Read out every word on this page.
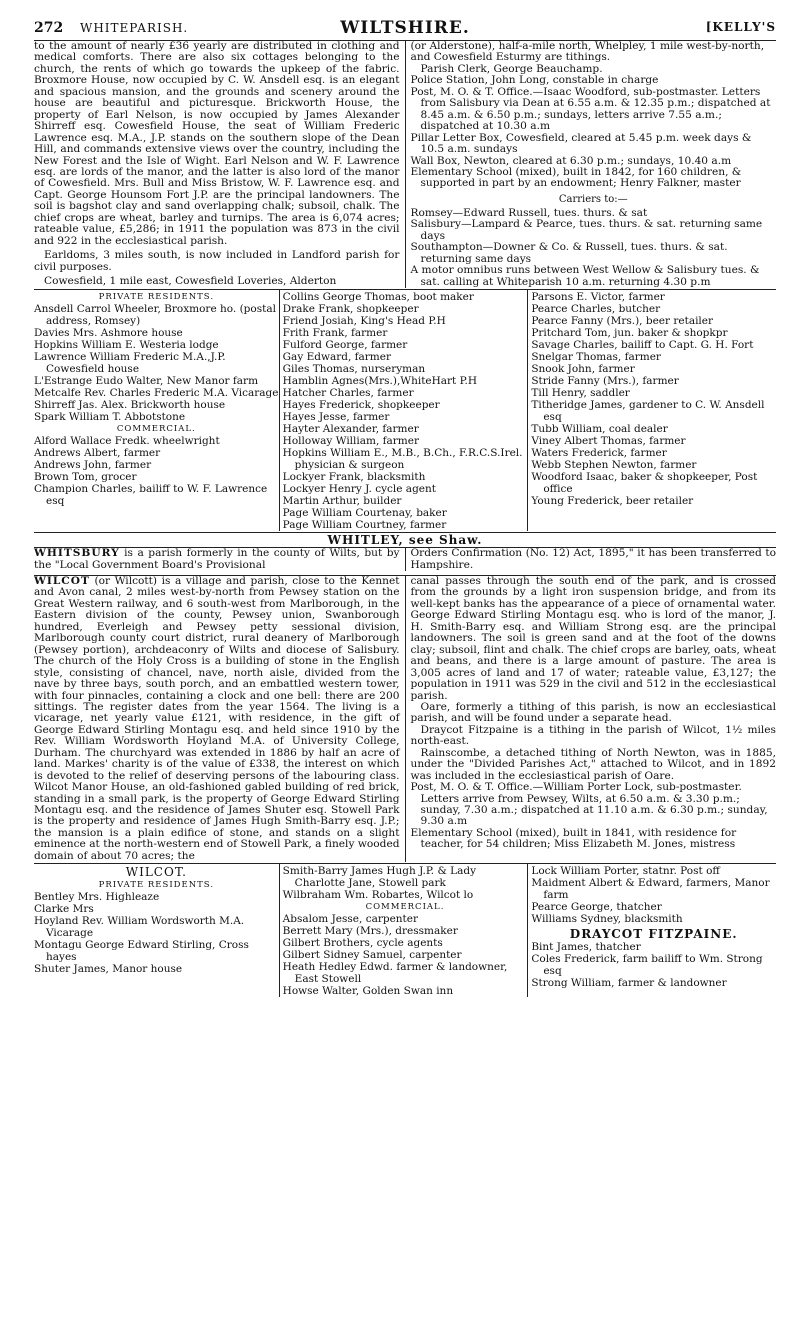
272 WHITEPARISH.	WILTSHIRE.	[KELLY'S

to the amount of nearly £36 yearly are distributed in clothing and medical comforts. There are also six cottages belonging to the church, the rents of which go towards the upkeep of the fabric. Broxmore House, now occupied by C. W. Ansdell esq. is an elegant and spacious mansion, and the grounds and scenery around the house are beautiful and picturesque. Brickworth House, the property of Earl Nelson, is now occupied by James Alexander Shirreff esq. Cowesfield House, the seat of William Frederic Lawrence esq. M.A., J.P. stands on the southern slope of the Dean Hill, and commands extensive views over the country, including the New Forest and the Isle of Wight. Earl Nelson and W. F. Lawrence esq. are lords of the manor, and the latter is also lord of the manor of Cowesfield. Mrs. Bull and Miss Bristow, W. F. Lawrence esq. and Capt. George Hounsom Fort J.P. are the principal landowners. The soil is bagshot clay and sand overlapping chalk; subsoil, chalk. The chief crops are wheat, barley and turnips. The area is 6,074 acres; rateable value, £5,286; in 1911 the population was 873 in the civil and 922 in the ecclesiastical parish.

Earldoms, 3 miles south, is now included in Landford parish for civil purposes.

Cowesfield, 1 mile east, Cowesfield Loveries, Alderton

(or Alderstone), half-a-mile north, Whelpley, 1 mile west-by-north, and Cowesfield Esturmy are tithings.

Parish Clerk, George Beauchamp.

Police Station, John Long, constable in charge

Post, M. O. & T. Office.—Isaac Woodford, sub-postmaster. Letters from Salisbury via Dean at 6.55 a.m. & 12.35 p.m.; dispatched at 8.45 a.m. & 6.50 p.m.; sundays, letters arrive 7.55 a.m.; dispatched at 10.30 a.m

Pillar Letter Box, Cowesfield, cleared at 5.45 p.m. week days & 10.5 a.m. sundays

Wall Box, Newton, cleared at 6.30 p.m.; sundays, 10.40 a.m

Elementary School (mixed), built in 1842, for 160 children, & supported in part by an endowment; Henry Falkner, master

Carriers to:—

Romsey—Edward Russell, tues. thurs. & sat

Salisbury—Lampard & Pearce, tues. thurs. & sat. returning same days

Southampton—Downer & Co. & Russell, tues. thurs. & sat. returning same days

A motor omnibus runs between West Wellow & Salisbury tues. & sat. calling at Whiteparish 10 a.m. returning 4.30 p.m

PRIVATE RESIDENTS.
Ansdell Carrol Wheeler, Broxmore ho. (postal address, Romsey)
Davies Mrs. Ashmore house
Hopkins William E. Westeria lodge
Lawrence William Frederic M.A.,J.P. Cowesfield house
L'Estrange Eudo Walter, New Manor farm
Metcalfe Rev. Charles Frederic M.A. Vicarage
Shirreff Jas. Alex. Brickworth house
Spark William T. Abbotstone
COMMERCIAL.
Alford Wallace Fredk. wheelwright
Andrews Albert, farmer
Andrews John, farmer
Brown Tom, grocer
Champion Charles, bailiff to W. F. Lawrence esq
Collins George Thomas, boot maker
Drake Frank, shopkeeper
Friend Josiah, King's Head P.H
Frith Frank, farmer
Fulford George, farmer
Gay Edward, farmer
Giles Thomas, nurseryman
Hamblin Agnes(Mrs.),WhiteHart P.H
Hatcher Charles, farmer
Hayes Frederick, shopkeeper
Hayes Jesse, farmer
Hayter Alexander, farmer
Holloway William, farmer
Hopkins William E., M.B., B.Ch., F.R.C.S.Irel. physician & surgeon
Lockyer Frank, blacksmith
Lockyer Henry J. cycle agent
Martin Arthur, builder
Page William Courtenay, baker
Page William Courtney, farmer
Parsons E. Victor, farmer
Pearce Charles, butcher
Pearce Fanny (Mrs.), beer retailer
Pritchard Tom, jun. baker & shopkpr
Savage Charles, bailiff to Capt. G. H. Fort
Snelgar Thomas, farmer
Snook John, farmer
Stride Fanny (Mrs.), farmer
Till Henry, saddler
Titheridge James, gardener to C. W. Ansdell esq
Tubb William, coal dealer
Viney Albert Thomas, farmer
Waters Frederick, farmer
Webb Stephen Newton, farmer
Woodford Isaac, baker & shopkeeper, Post office
Young Frederick, beer retailer
WHITLEY, see Shaw.

WHITSBURY is a parish formerly in the county of Wilts, but by the "Local Government Board's Provisional

Orders Confirmation (No. 12) Act, 1895," it has been transferred to Hampshire.

WILCOT (or Wilcott) is a village and parish, close to the Kennet and Avon canal, 2 miles west-by-north from Pewsey station on the Great Western railway, and 6 south-west from Marlborough, in the Eastern division of the county, Pewsey union, Swanborough hundred, Everleigh and Pewsey petty sessional division, Marlborough county court district, rural deanery of Marlborough (Pewsey portion), archdeaconry of Wilts and diocese of Salisbury. The church of the Holy Cross is a building of stone in the English style, consisting of chancel, nave, north aisle, divided from the nave by three bays, south porch, and an embattled western tower, with four pinnacles, containing a clock and one bell: there are 200 sittings. The register dates from the year 1564. The living is a vicarage, net yearly value £121, with residence, in the gift of George Edward Stirling Montagu esq. and held since 1910 by the Rev. William Wordsworth Hoyland M.A. of University College, Durham. The churchyard was extended in 1886 by half an acre of land. Markes' charity is of the value of £338, the interest on which is devoted to the relief of deserving persons of the labouring class. Wilcot Manor House, an old-fashioned gabled building of red brick, standing in a small park, is the property of George Edward Stirling Montagu esq. and the residence of James Shuter esq. Stowell Park is the property and residence of James Hugh Smith-Barry esq. J.P.; the mansion is a plain edifice of stone, and stands on a slight eminence at the north-western end of Stowell Park, a finely wooded domain of about 70 acres; the

canal passes through the south end of the park, and is crossed from the grounds by a light iron suspension bridge, and from its well-kept banks has the appearance of a piece of ornamental water. George Edward Stirling Montagu esq. who is lord of the manor, J. H. Smith-Barry esq. and William Strong esq. are the principal landowners. The soil is green sand and at the foot of the downs clay; subsoil, flint and chalk. The chief crops are barley, oats, wheat and beans, and there is a large amount of pasture. The area is 3,005 acres of land and 17 of water; rateable value, £3,127; the population in 1911 was 529 in the civil and 512 in the ecclesiastical parish.

Oare, formerly a tithing of this parish, is now an ecclesiastical parish, and will be found under a separate head.

Draycot Fitzpaine is a tithing in the parish of Wilcot, 1½ miles north-east.

Rainscombe, a detached tithing of North Newton, was in 1885, under the "Divided Parishes Act," attached to Wilcot, and in 1892 was included in the ecclesiastical parish of Oare.

Post, M. O. & T. Office.—William Porter Lock, sub-postmaster. Letters arrive from Pewsey, Wilts, at 6.50 a.m. & 3.30 p.m.; sunday, 7.30 a.m.; dispatched at 11.10 a.m. & 6.30 p.m.; sunday, 9.30 a.m

Elementary School (mixed), built in 1841, with residence for teacher, for 54 children; Miss Elizabeth M. Jones, mistress

WILCOT.
PRIVATE RESIDENTS.
Bentley Mrs. Highleaze
Clarke Mrs
Hoyland Rev. William Wordsworth M.A. Vicarage
Montagu George Edward Stirling, Cross hayes
Shuter James, Manor house
Smith-Barry James Hugh J.P. & Lady Charlotte Jane, Stowell park
Wilbraham Wm. Robartes, Wilcot lo
COMMERCIAL.
Absalom Jesse, carpenter
Berrett Mary (Mrs.), dressmaker
Gilbert Brothers, cycle agents
Gilbert Sidney Samuel, carpenter
Heath Hedley Edwd. farmer & landowner, East Stowell
Howse Walter, Golden Swan inn
Lock William Porter, statnr. Post off
Maidment Albert & Edward, farmers, Manor farm
Pearce George, thatcher
Williams Sydney, blacksmith
DRAYCOT FITZPAINE.
Bint James, thatcher
Coles Frederick, farm bailiff to Wm. Strong esq
Strong William, farmer & landowner
